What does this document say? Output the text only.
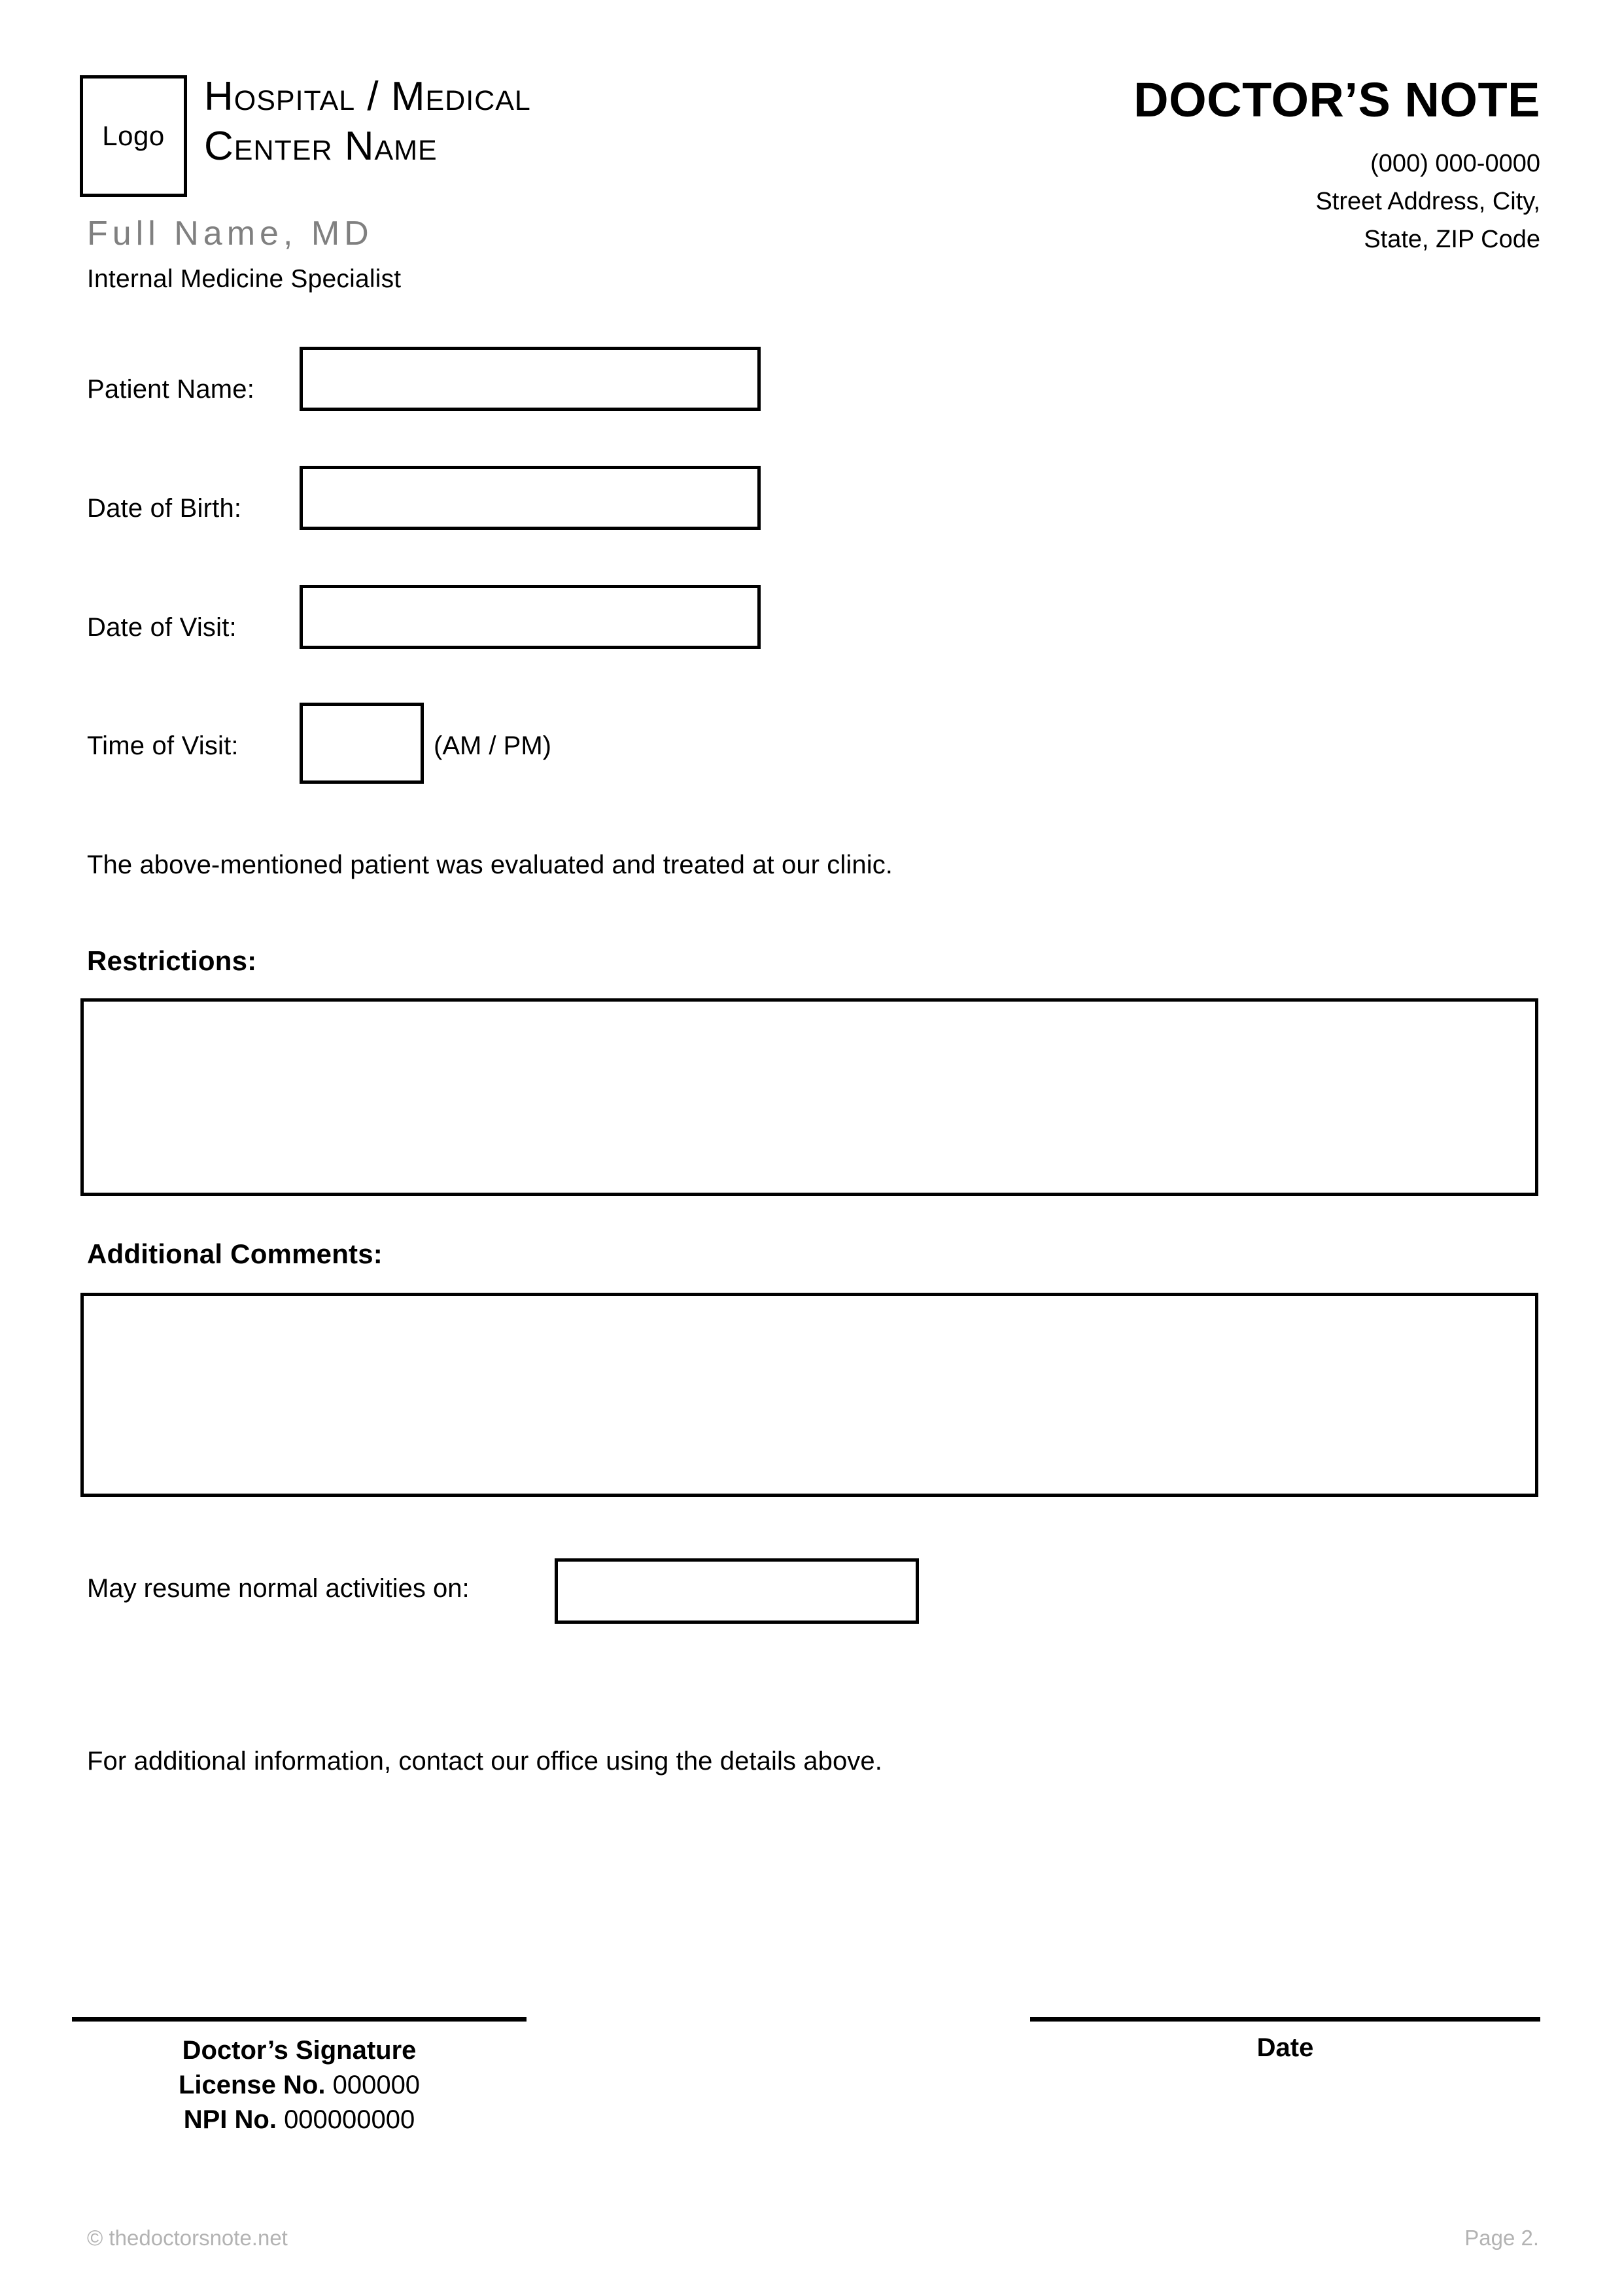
Logo
Hospital / Medical
Center Name
Full Name, MD
Internal Medicine Specialist
DOCTOR’S NOTE
(000) 000-0000
Street Address, City,
State, ZIP Code
Patient Name:
Date of Birth:
Date of Visit:
Time of Visit:	(AM / PM)
The above-mentioned patient was evaluated and treated at our clinic.
Restrictions:
Additional Comments:
May resume normal activities on:
For additional information, contact our office using the details above.
Doctor’s Signature
License No. 000000
NPI No. 000000000
Date
© thedoctorsnote.net	Page 2.
